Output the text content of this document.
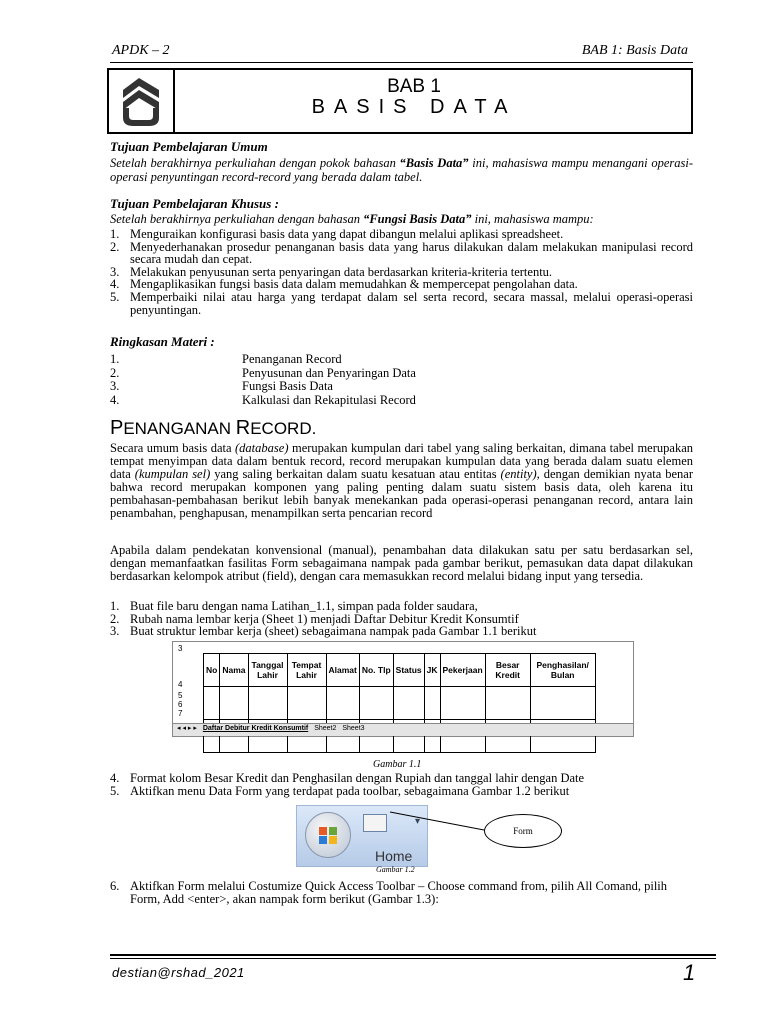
APDK – 2	BAB 1: Basis Data
BAB 1
BASIS DATA
Tujuan Pembelajaran Umum
Setelah berakhirnya perkuliahan dengan pokok bahasan “Basis Data” ini, mahasiswa mampu menangani operasi-operasi penyuntingan record-record yang berada dalam tabel.
Tujuan Pembelajaran Khusus :
Setelah berakhirnya perkuliahan dengan bahasan “Fungsi Basis Data” ini, mahasiswa mampu:
1. Menguraikan konfigurasi basis data yang dapat dibangun melalui aplikasi spreadsheet.
2. Menyederhanakan prosedur penanganan basis data yang harus dilakukan dalam melakukan manipulasi record secara mudah dan cepat.
3. Melakukan penyusunan serta penyaringan data berdasarkan kriteria-kriteria tertentu.
4. Mengaplikasikan fungsi basis data dalam memudahkan & mempercepat pengolahan data.
5. Memperbaiki nilai atau harga yang terdapat dalam sel serta record, secara massal, melalui operasi-operasi penyuntingan.
Ringkasan Materi :
1.	Penanganan Record
2.	Penyusunan dan Penyaringan Data
3.	Fungsi Basis Data
4.	Kalkulasi dan Rekapitulasi Record
PENANGANAN RECORD.
Secara umum basis data (database) merupakan kumpulan dari tabel yang saling berkaitan, dimana tabel merupakan tempat menyimpan data dalam bentuk record, record merupakan kumpulan data yang berada dalam suatu elemen data (kumpulan sel) yang saling berkaitan dalam suatu kesatuan atau entitas (entity), dengan demikian nyata benar bahwa record merupakan komponen yang paling penting dalam suatu sistem basis data, oleh karena itu pembahasan-pembahasan berikut lebih banyak menekankan pada operasi-operasi penanganan record, antara lain penambahan, penghapusan, menampilkan serta pencarian record
Apabila dalam pendekatan konvensional (manual), penambahan data dilakukan satu per satu berdasarkan sel, dengan memanfaatkan fasilitas Form sebagaimana nampak pada gambar berikut, pemasukan data dapat dilakukan berdasarkan kelompok atribut (field), dengan cara memasukkan record melalui bidang input yang tersedia.
1. Buat file baru dengan nama Latihan_1.1, simpan pada folder saudara,
2. Rubah nama lembar kerja (Sheet 1) menjadi Daftar Debitur Kredit Konsumtif
3. Buat struktur lembar kerja (sheet) sebagaimana nampak pada Gambar 1.1 berikut
3
4
5
6
7
No	Nama	Tanggal Lahir	Tempat Lahir	Alamat	No. Tlp	Status	JK	Pekerjaan	Besar Kredit	Penghasilan/ Bulan

◂ ◂ ▸ ▸ Daftar Debitur Kredit Konsumtif Sheet2 Sheet3
Gambar 1.1
4. Format kolom Besar Kredit dan Penghasilan dengan Rupiah dan tanggal lahir dengan Date
5. Aktifkan menu Data Form yang terdapat pada toolbar, sebagaimana Gambar 1.2 berikut
▾
Home
Form
Gambar 1.2
6. Aktifkan Form melalui Costumize Quick Access Toolbar – Choose command from, pilih All Comand, pilih Form, Add <enter>, akan nampak form berikut (Gambar 1.3):
destian@rshad_2021	1
